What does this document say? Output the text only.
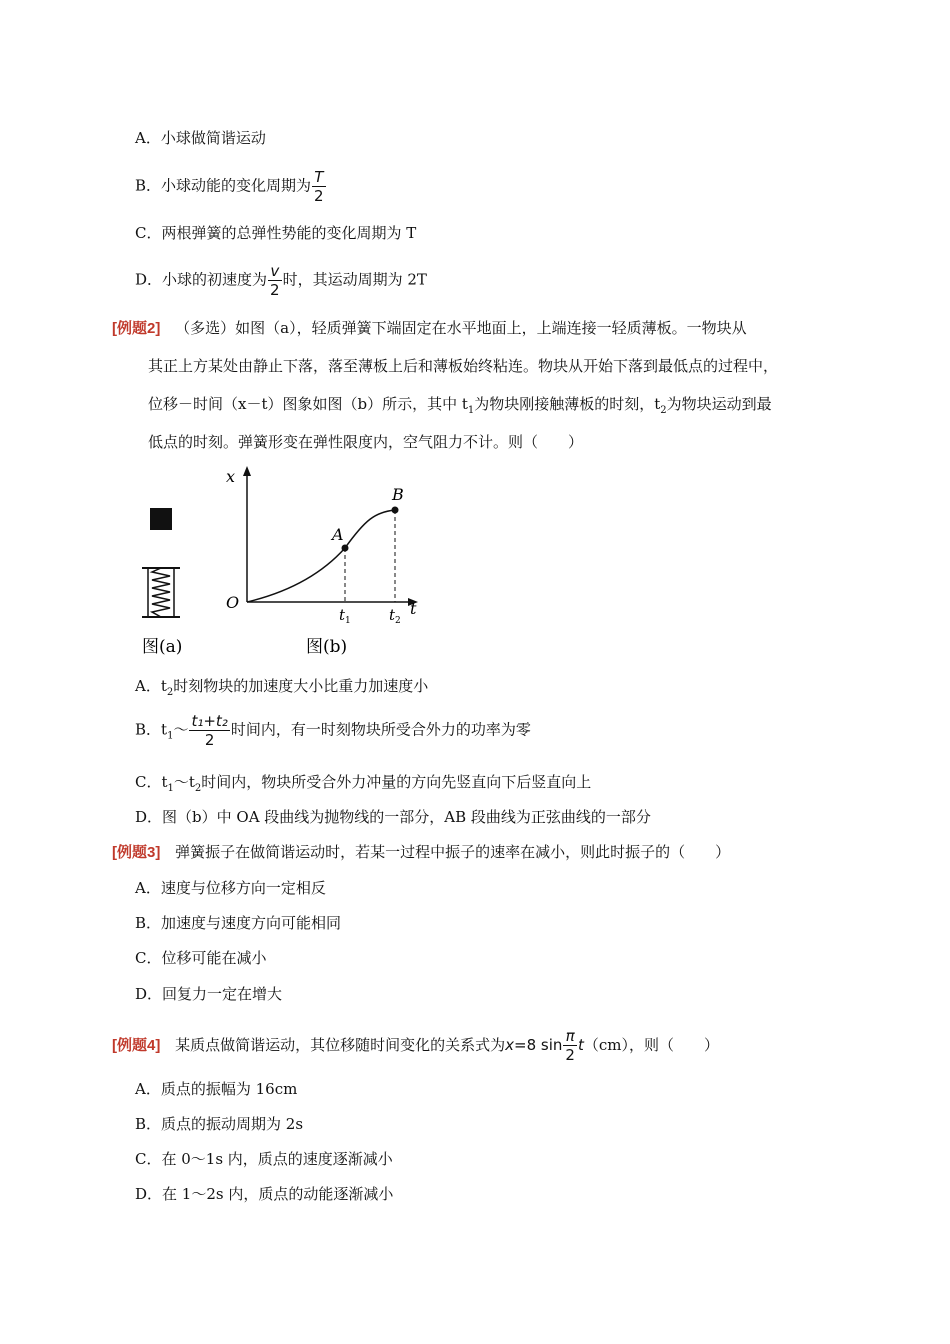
A．小球做简谐运动
B．小球动能的变化周期为 $\frac{T}{2}$
C．两根弹簧的总弹性势能的变化周期为 T
D．小球的初速度为 $\frac{v}{2}$ 时，其运动周期为 2T
[例题2] （多选）如图（a），轻质弹簧下端固定在水平地面上，上端连接一轻质薄板。一物块从
其正上方某处由静止下落，落至薄板上后和薄板始终粘连。物块从开始下落到最低点的过程中，
位移－时间（x－t）图象如图（b）所示，其中 $t_1$为物块刚接触薄板的时刻，$t_2$为物块运动到最
低点的时刻。弹簧形变在弹性限度内，空气阻力不计。则（　　）
图(a)
x
t
O
A
B
$t_1$	$t_2$
图(b)
A．$t_2$时刻物块的加速度大小比重力加速度小
B．$t_1\sim \frac{\text{t₁+t₂}}{2}$ 时间内，有一时刻物块所受合外力的功率为零
C．$t_1\sim t_2$时间内，物块所受合外力冲量的方向先竖直向下后竖直向上
D．图（b）中 OA 段曲线为抛物线的一部分，AB 段曲线为正弦曲线的一部分
[例题3] 弹簧振子在做简谐运动时，若某一过程中振子的速率在减小，则此时振子的（　　）
A．速度与位移方向一定相反
B．加速度与速度方向可能相同
C．位移可能在减小
D．回复力一定在增大
[例题4] 某质点做简谐运动，其位移随时间变化的关系式为x=8 $\sin \frac{\pi}{2} t(cm)$，则（　　）
A．质点的振幅为 16cm
B．质点的振动周期为 2s
C．在 0～1s 内，质点的速度逐渐减小
D．在 1～2s 内，质点的动能逐渐减小
